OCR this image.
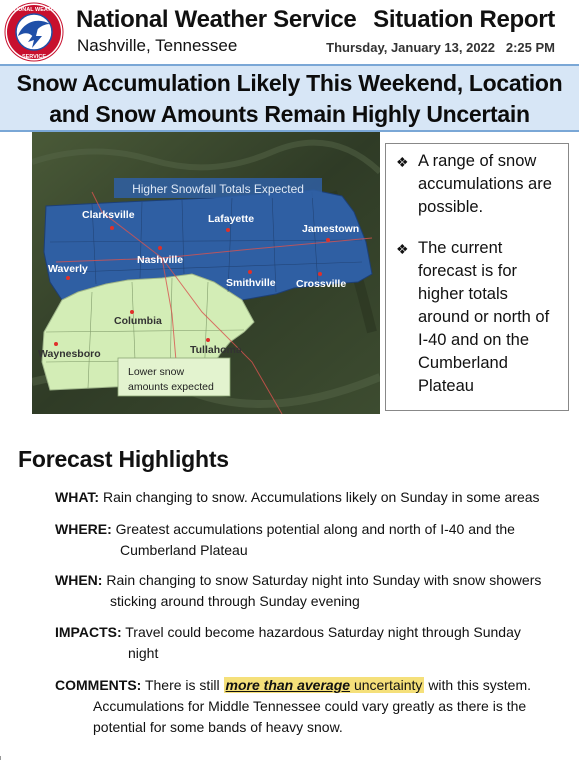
NATIONAL WEATHER
SERVICE
National Weather Service
Nashville, Tennessee
Situation Report
Thursday, January 13, 2022   2:25 PM
Snow Accumulation Likely This Weekend, Location
and Snow Amounts Remain Highly Uncertain
Higher Snowfall Totals Expected
Lower snow
amounts expected
Clarksville	Lafayette
Jamestown
Waverly
Nashville
Smithville Crossville
Columbia
Waynesboro	Tullahoma
❖ A range of snow accumulations are possible.
❖ The current forecast is for higher totals around or north of I-40 and on the Cumberland Plateau
Forecast Highlights
WHAT: Rain changing to snow. Accumulations likely on Sunday in some areas
WHERE: Greatest accumulations potential along and north of I-40 and the
Cumberland Plateau
WHEN: Rain changing to snow Saturday night into Sunday with snow showers
sticking around through Sunday evening
IMPACTS: Travel could become hazardous Saturday night through Sunday
night
COMMENTS: There is still more than average uncertainty with this system.
Accumulations for Middle Tennessee could vary greatly as there is the
potential for some bands of heavy snow.
